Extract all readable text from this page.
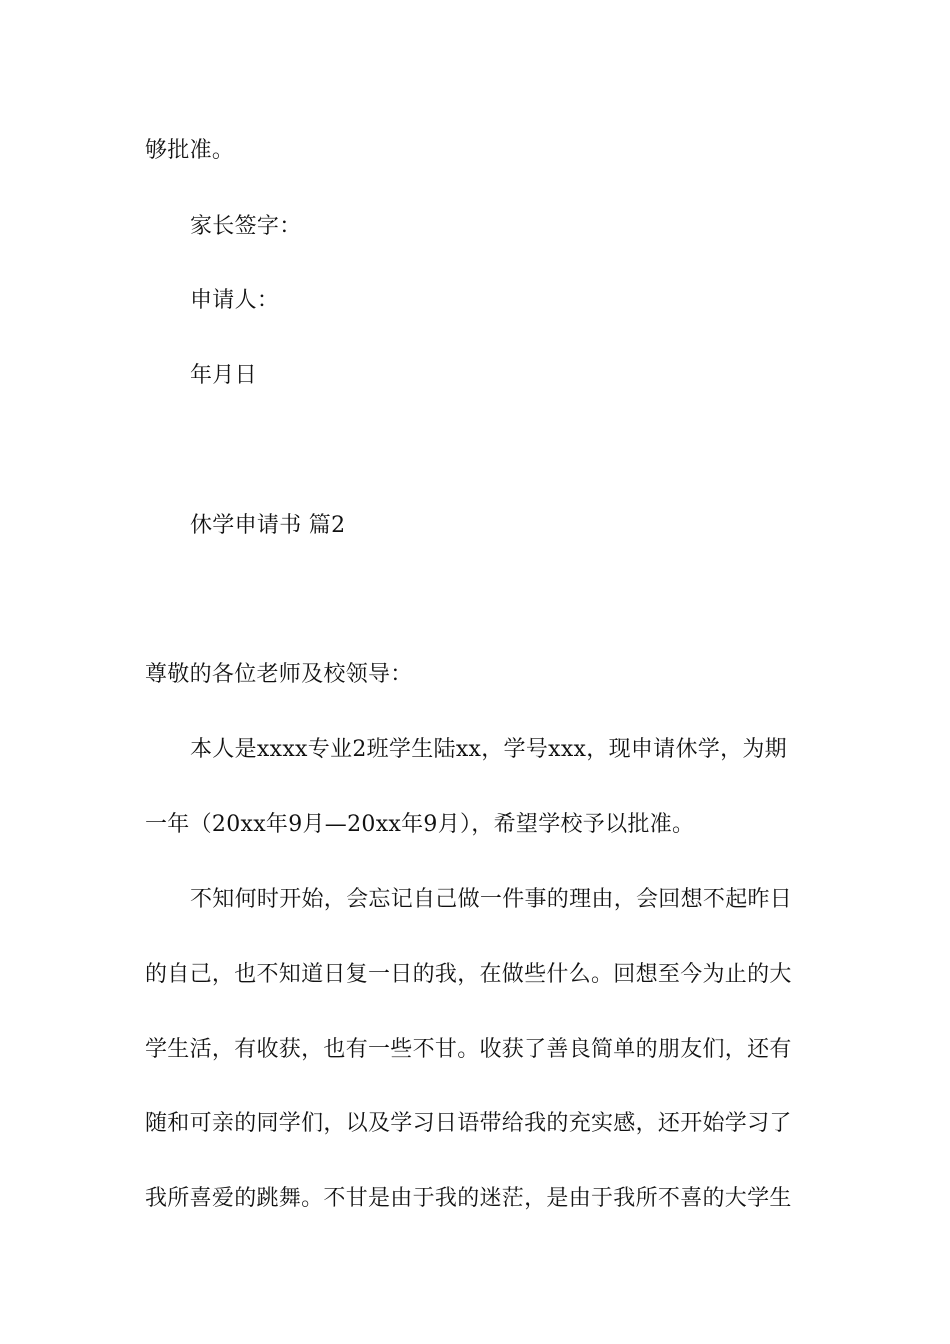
够批准。
家长签字：
申请人：
年月日
休学申请书 篇2
尊敬的各位老师及校领导：
本人是xxxx专业2班学生陆xx，学号xxx，现申请休学，为期
一年（20xx年9月—20xx年9月），希望学校予以批准。
不知何时开始，会忘记自己做一件事的理由，会回想不起昨日
的自己，也不知道日复一日的我，在做些什么。回想至今为止的大
学生活，有收获，也有一些不甘。收获了善良简单的朋友们，还有
随和可亲的同学们，以及学习日语带给我的充实感，还开始学习了
我所喜爱的跳舞。不甘是由于我的迷茫，是由于我所不喜的大学生
